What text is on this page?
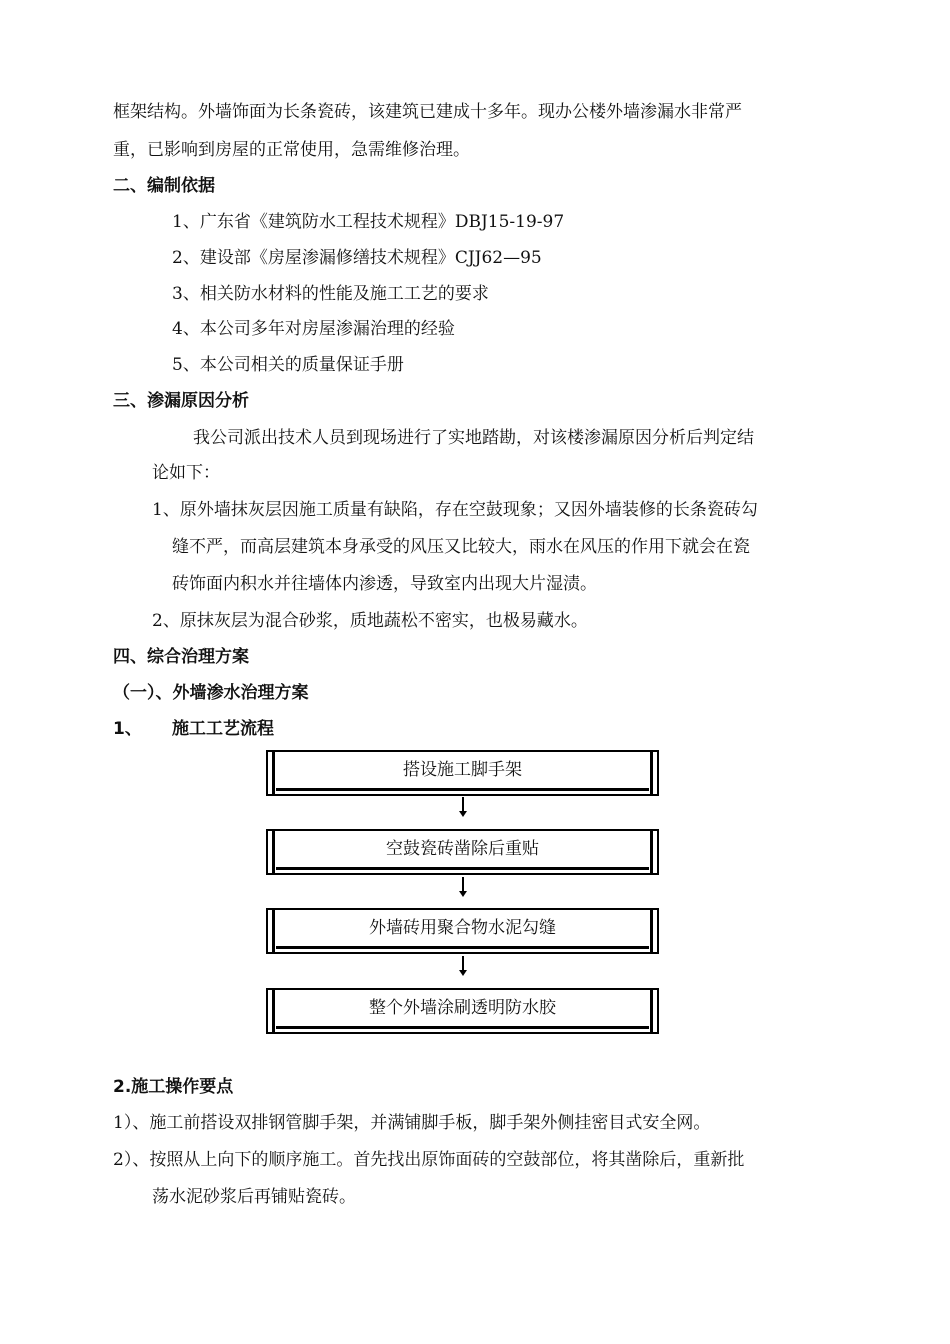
框架结构。外墙饰面为长条瓷砖，该建筑已建成十多年。现办公楼外墙渗漏水非常严
重，已影响到房屋的正常使用，急需维修治理。
二、编制依据
1、广东省《建筑防水工程技术规程》DBJ15-19-97
2、建设部《房屋渗漏修缮技术规程》CJJ62—95
3、相关防水材料的性能及施工工艺的要求
4、本公司多年对房屋渗漏治理的经验
5、本公司相关的质量保证手册
三、渗漏原因分析
我公司派出技术人员到现场进行了实地踏勘，对该楼渗漏原因分析后判定结
论如下：
1、原外墙抹灰层因施工质量有缺陷，存在空鼓现象；又因外墙装修的长条瓷砖勾
缝不严，而高层建筑本身承受的风压又比较大，雨水在风压的作用下就会在瓷
砖饰面内积水并往墙体内渗透，导致室内出现大片湿渍。
2、原抹灰层为混合砂浆，质地蔬松不密实，也极易藏水。
四、综合治理方案
（一）、外墙渗水治理方案
1、 施工工艺流程
搭设施工脚手架
空鼓瓷砖凿除后重贴
外墙砖用聚合物水泥勾缝
整个外墙涂刷透明防水胶
2.施工操作要点
1）、施工前搭设双排钢管脚手架，并满铺脚手板，脚手架外侧挂密目式安全网。
2）、按照从上向下的顺序施工。首先找出原饰面砖的空鼓部位，将其凿除后，重新批
荡水泥砂浆后再铺贴瓷砖。
